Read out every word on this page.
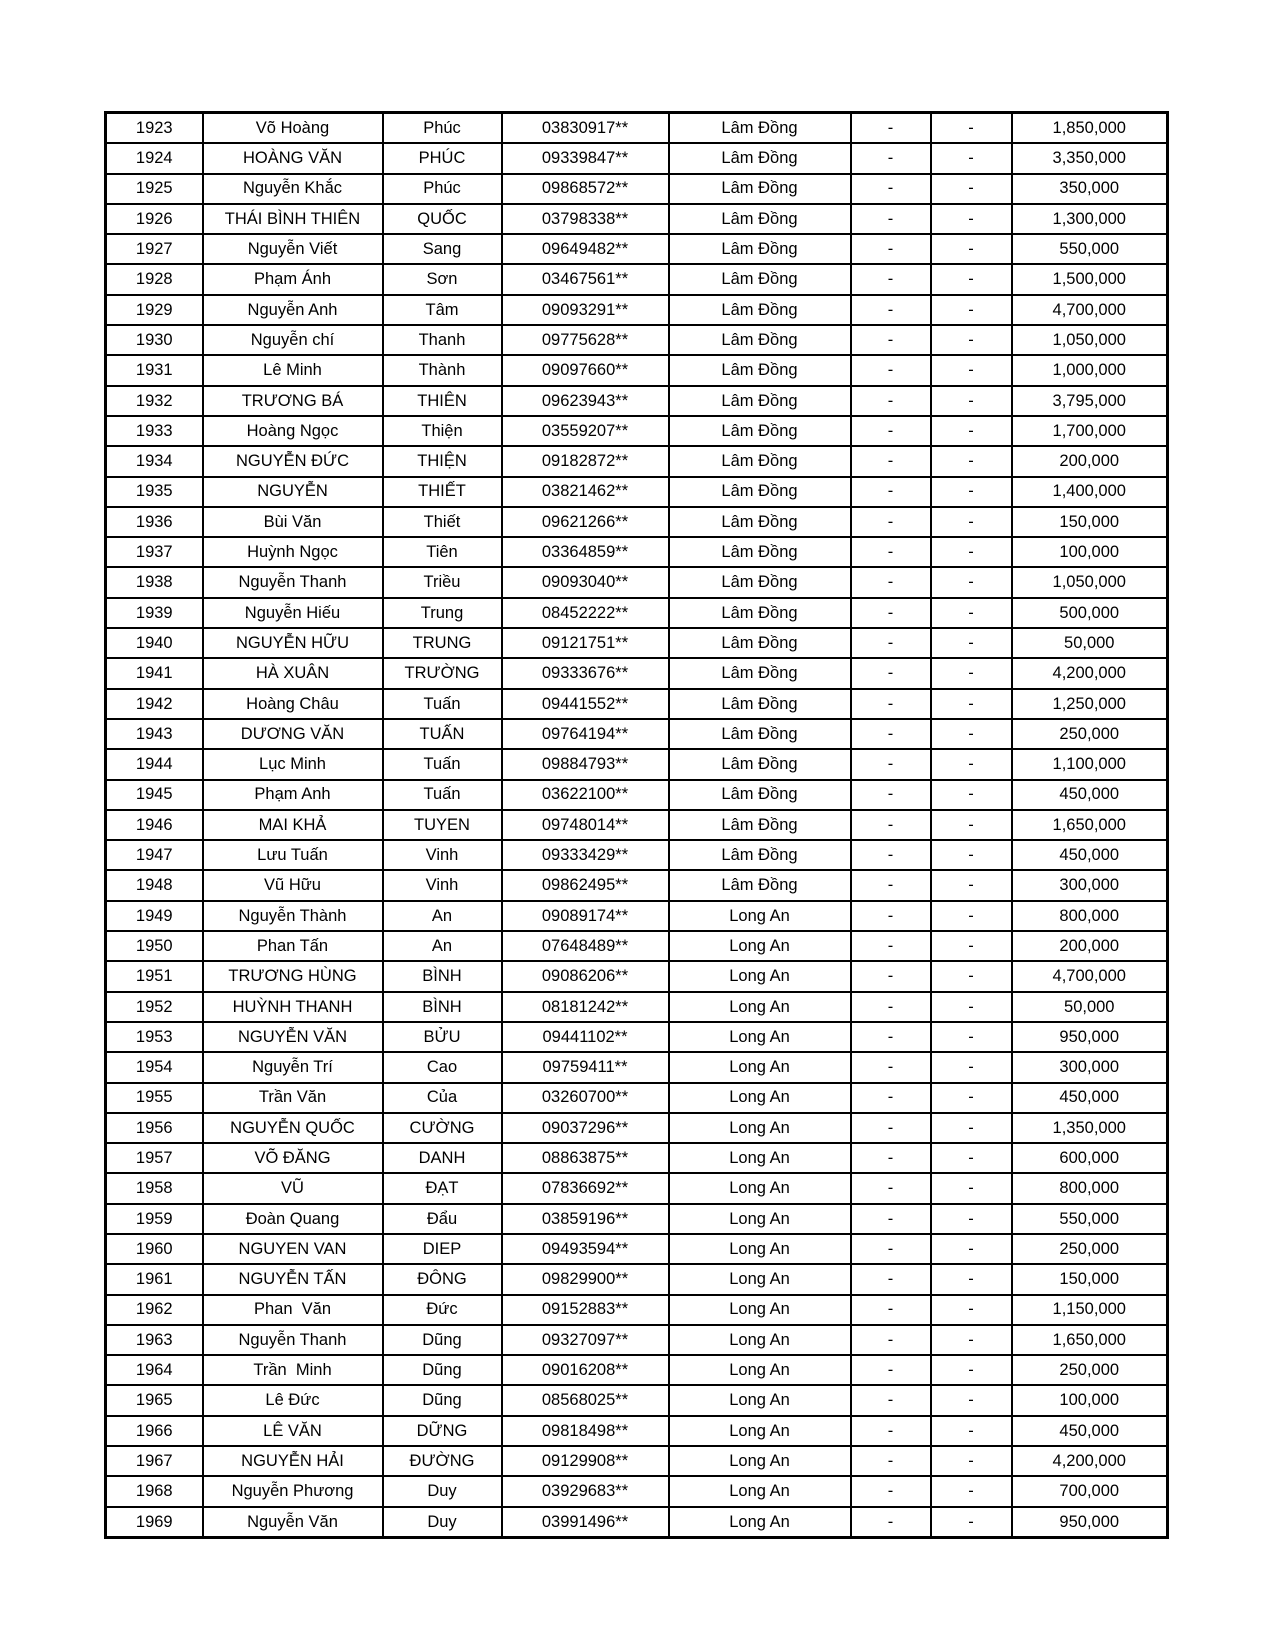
1923	Võ Hoàng	Phúc	03830917**	Lâm Đồng	-	-	1,850,000
1924	HOÀNG VĂN	PHÚC	09339847**	Lâm Đồng	-	-	3,350,000
1925	Nguyễn Khắc	Phúc	09868572**	Lâm Đồng	-	-	350,000
1926	THÁI BÌNH THIÊN	QUỐC	03798338**	Lâm Đồng	-	-	1,300,000
1927	Nguyễn Viết	Sang	09649482**	Lâm Đồng	-	-	550,000
1928	Phạm Ánh	Sơn	03467561**	Lâm Đồng	-	-	1,500,000
1929	Nguyễn Anh	Tâm	09093291**	Lâm Đồng	-	-	4,700,000
1930	Nguyễn chí	Thanh	09775628**	Lâm Đồng	-	-	1,050,000
1931	Lê Minh	Thành	09097660**	Lâm Đồng	-	-	1,000,000
1932	TRƯƠNG BÁ	THIÊN	09623943**	Lâm Đồng	-	-	3,795,000
1933	Hoàng Ngọc	Thiện	03559207**	Lâm Đồng	-	-	1,700,000
1934	NGUYỄN ĐỨC	THIỆN	09182872**	Lâm Đồng	-	-	200,000
1935	NGUYỄN	THIẾT	03821462**	Lâm Đồng	-	-	1,400,000
1936	Bùi Văn	Thiết	09621266**	Lâm Đồng	-	-	150,000
1937	Huỳnh Ngọc	Tiên	03364859**	Lâm Đồng	-	-	100,000
1938	Nguyễn Thanh	Triều	09093040**	Lâm Đồng	-	-	1,050,000
1939	Nguyễn Hiếu	Trung	08452222**	Lâm Đồng	-	-	500,000
1940	NGUYỄN HỮU	TRUNG	09121751**	Lâm Đồng	-	-	50,000
1941	HÀ XUÂN	TRƯỜNG	09333676**	Lâm Đồng	-	-	4,200,000
1942	Hoàng Châu	Tuấn	09441552**	Lâm Đồng	-	-	1,250,000
1943	DƯƠNG VĂN	TUẤN	09764194**	Lâm Đồng	-	-	250,000
1944	Lục Minh	Tuấn	09884793**	Lâm Đồng	-	-	1,100,000
1945	Phạm Anh	Tuấn	03622100**	Lâm Đồng	-	-	450,000
1946	MAI KHẢ	TUYEN	09748014**	Lâm Đồng	-	-	1,650,000
1947	Lưu Tuấn	Vinh	09333429**	Lâm Đồng	-	-	450,000
1948	Vũ Hữu	Vinh	09862495**	Lâm Đồng	-	-	300,000
1949	Nguyễn Thành	An	09089174**	Long An	-	-	800,000
1950	Phan Tấn	An	07648489**	Long An	-	-	200,000
1951	TRƯƠNG HÙNG	BÌNH	09086206**	Long An	-	-	4,700,000
1952	HUỲNH THANH	BÌNH	08181242**	Long An	-	-	50,000
1953	NGUYỄN VĂN	BỬU	09441102**	Long An	-	-	950,000
1954	Nguyễn Trí	Cao	09759411**	Long An	-	-	300,000
1955	Trần Văn	Của	03260700**	Long An	-	-	450,000
1956	NGUYỄN QUỐC	CƯỜNG	09037296**	Long An	-	-	1,350,000
1957	VÕ ĐĂNG	DANH	08863875**	Long An	-	-	600,000
1958	VŨ	ĐẠT	07836692**	Long An	-	-	800,000
1959	Đoàn Quang	Đẩu	03859196**	Long An	-	-	550,000
1960	NGUYEN VAN	DIEP	09493594**	Long An	-	-	250,000
1961	NGUYỄN TẤN	ĐÔNG	09829900**	Long An	-	-	150,000
1962	Phan  Văn	Đức	09152883**	Long An	-	-	1,150,000
1963	Nguyễn Thanh	Dũng	09327097**	Long An	-	-	1,650,000
1964	Trần  Minh	Dũng	09016208**	Long An	-	-	250,000
1965	Lê Đức	Dũng	08568025**	Long An	-	-	100,000
1966	LÊ VĂN	DỮNG	09818498**	Long An	-	-	450,000
1967	NGUYỄN HẢI	ĐƯỜNG	09129908**	Long An	-	-	4,200,000
1968	Nguyễn Phương	Duy	03929683**	Long An	-	-	700,000
1969	Nguyễn Văn	Duy	03991496**	Long An	-	-	950,000
